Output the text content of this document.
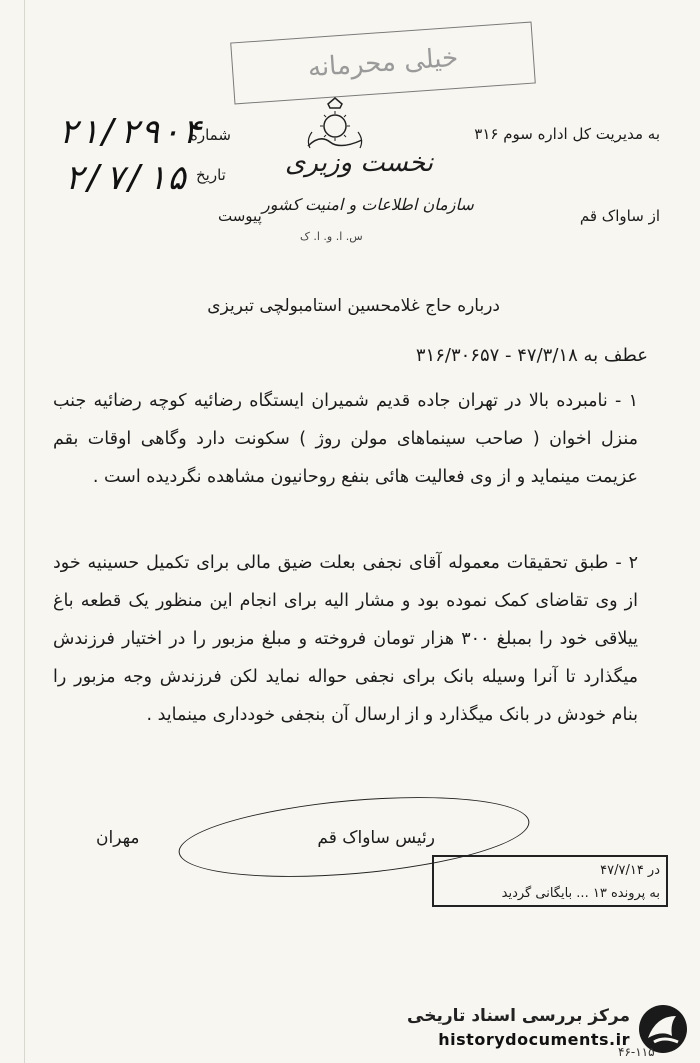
خیلی محرمانه
به مدیریت کل اداره سوم ۳۱۶
از ساواک قم
شماره
۲۱/۲۹۰۴
تاریخ
۲/۷/۱۵
پیوست
نخست وزیری
سازمان اطلاعات و امنیت کشور
س. ا. و. ا. ک
درباره حاج غلامحسین استامبولچی تبریزی
عطف به ۴۷/۳/۱۸ - ۳۱۶/۳۰۶۵۷
۱ - نامبرده بالا در تهران جاده قدیم شمیران ایستگاه رضائیه کوچه رضائیه جنب منزل اخوان ( صاحب سینماهای مولن روژ ) سکونت دارد وگاهی اوقات بقم عزیمت مینماید و از وی فعالیت هائی بنفع روحانیون مشاهده نگردیده است .
۲ - طبق تحقیقات معموله آقای نجفی بعلت ضیق مالی برای تکمیل حسینیه خود از وی تقاضای کمک نموده بود و مشار الیه برای انجام این منظور یک قطعه باغ ییلاقی خود را بمبلغ ۳۰۰ هزار تومان فروخته و مبلغ مزبور را در اختیار فرزندش میگذارد تا آنرا وسیله بانک برای نجفی حواله نماید لکن فرزندش وجه مزبور را بنام خودش در بانک میگذارد و از ارسال آن بنجفی خودداری مینماید .
رئیس ساواک قم
مهران
در ۴۷/۷/۱۴
به پرونده ۱۳ ... بایگانی گردید
مرکز بررسی اسناد تاریخی
historydocuments.ir
۴۶-۱۱۵
